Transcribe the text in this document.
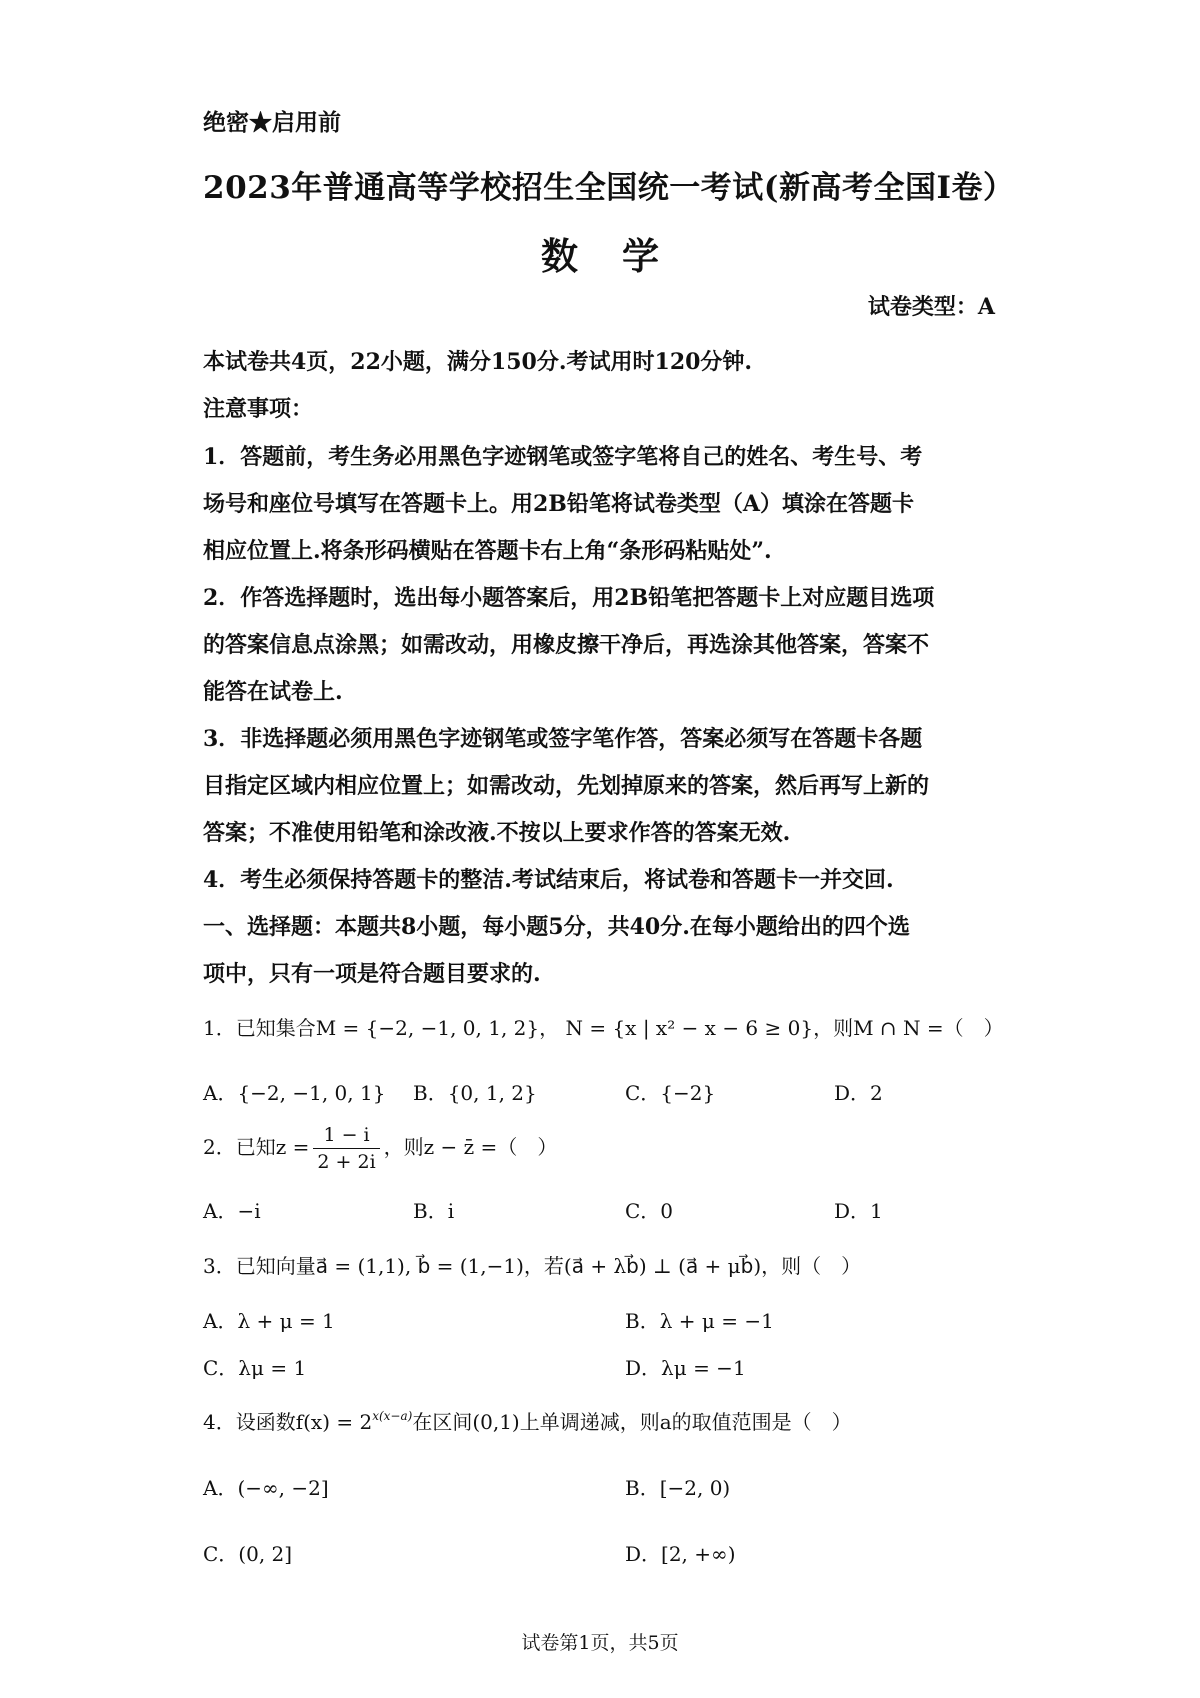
绝密★启用前
2023年普通高等学校招生全国统一考试(新高考全国I卷）
数学
试卷类型：A
本试卷共4页，22小题，满分150分.考试用时120分钟.
注意事项：
1．答题前，考生务必用黑色字迹钢笔或签字笔将自己的姓名、考生号、考
场号和座位号填写在答题卡上。用2B铅笔将试卷类型（A）填涂在答题卡
相应位置上.将条形码横贴在答题卡右上角“条形码粘贴处”.
2．作答选择题时，选出每小题答案后，用2B铅笔把答题卡上对应题目选项
的答案信息点涂黑；如需改动，用橡皮擦干净后，再选涂其他答案，答案不
能答在试卷上.
3．非选择题必须用黑色字迹钢笔或签字笔作答，答案必须写在答题卡各题
目指定区域内相应位置上；如需改动，先划掉原来的答案，然后再写上新的
答案；不准使用铅笔和涂改液.不按以上要求作答的答案无效.
4．考生必须保持答题卡的整洁.考试结束后，将试卷和答题卡一并交回.
一、选择题：本题共8小题，每小题5分，共40分.在每小题给出的四个选
项中，只有一项是符合题目要求的.
1．已知集合M = {−2, −1, 0, 1, 2}， N = {x | x² − x − 6 ≥ 0}，则M ∩ N =（　）
A．{−2, −1, 0, 1} B．{0, 1, 2}	C．{−2}	D．2
2．已知$z = \frac{1 - i}{2 + 2i}$ ，则z − z̄ =（　）
A．−i	B．i	C．0	D．1
3．已知向量a⃗ = (1,1), b⃗ = (1,−1)，若(a⃗ + λb⃗) ⊥ (a⃗ + μb⃗)，则（　）
A．λ + μ = 1	B．λ + μ = −1
C．λμ = 1	D．λμ = −1
4．设函数$f(x) = 2^{x(x-a)}$在区间(0,1)上单调递减，则a的取值范围是（　）
A．(−∞, −2]	B．[−2, 0)
C．(0, 2]	D．[2, +∞)
试卷第1页，共5页
